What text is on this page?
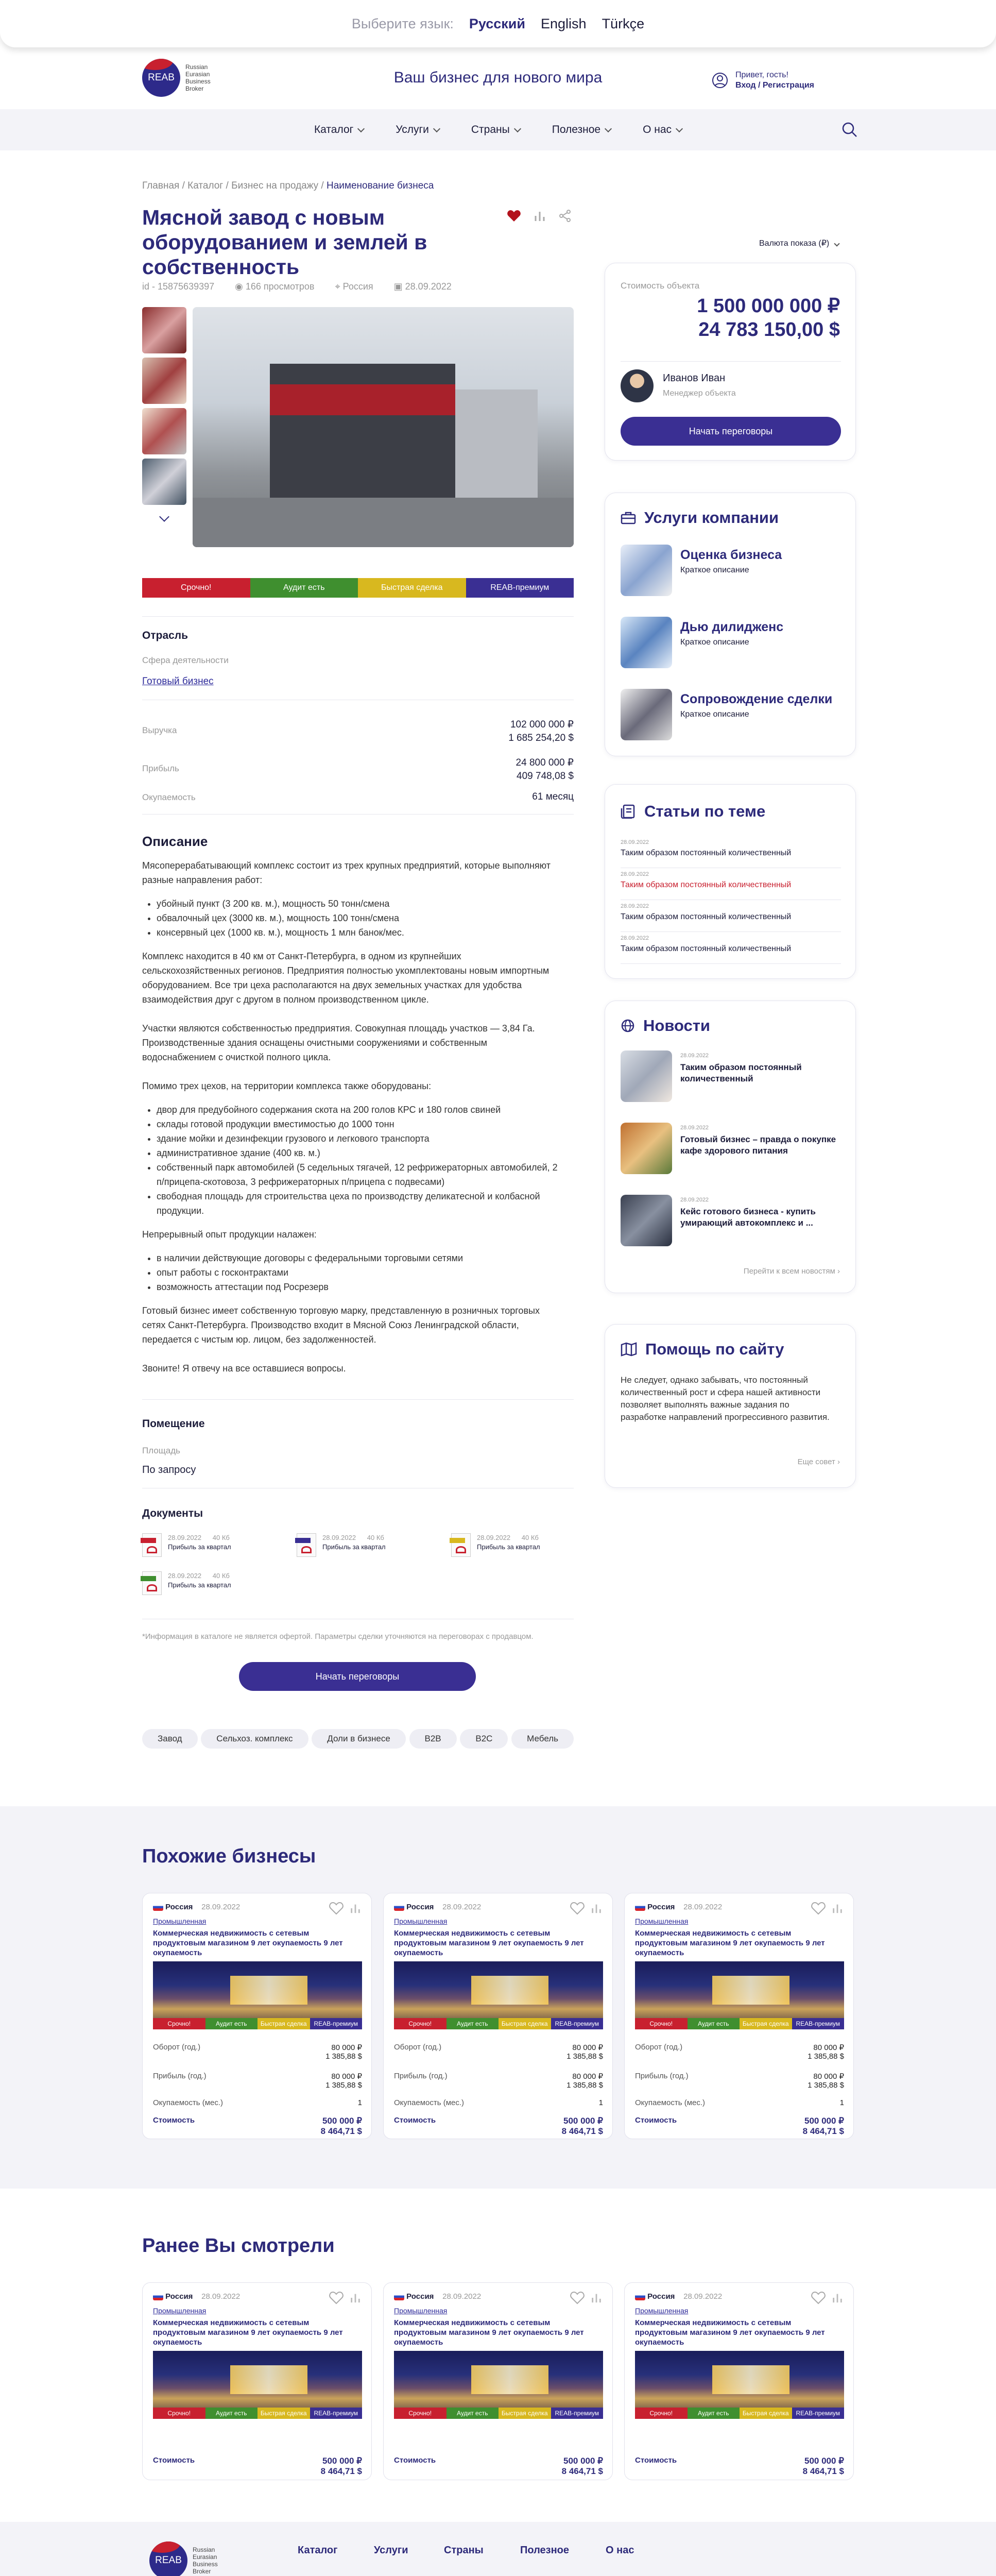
Выберите язык: Русский English Türkçe
REAB
Russian
Eurasian
Business
Broker
Ваш бизнес для нового мира	Привет, гость!
Вход / Регистрация
Каталог	Услуги	Страны	Полезное	О нас
Главная / Каталог / Бизнес на продажу / Наименование бизнеса
Мясной завод с новым оборудованием и землей в собственность
id - 15875639397 ◉ 166 просмотров ⌖ Россия ▣ 28.09.2022
Срочно!	Аудит есть	Быстрая сделка	REAB-премиум
Отрасль
Сфера деятельности
Готовый бизнес
Выручка
102 000 000 ₽
1 685 254,20 $
Прибыль
24 800 000 ₽
409 748,08 $
Окупаемость	61 месяц
Описание

Мясоперерабатывающий комплекс состоит из трех крупных предприятий, которые выполняют разные направления работ:

• убойный пункт (3 200 кв. м.), мощность 50 тонн/смена
• обвалочный цех (3000 кв. м.), мощность 100 тонн/смена
• консервный цех (1000 кв. м.), мощность 1 млн банок/мес.

Комплекс находится в 40 км от Санкт-Петербурга, в одном из крупнейших сельскохозяйственных регионов. Предприятия полностью укомплектованы новым импортным оборудованием. Все три цеха располагаются на двух земельных участках для удобства взаимодействия друг с другом в полном производственном цикле.

Участки являются собственностью предприятия. Совокупная площадь участков — 3,84 Га. Производственные здания оснащены очистными сооружениями и собственным водоснабжением с очисткой полного цикла.

Помимо трех цехов, на территории комплекса также оборудованы:

• двор для предубойного содержания скота на 200 голов КРС и 180 голов свиней
• склады готовой продукции вместимостью до 1000 тонн
• здание мойки и дезинфекции грузового и легкового транспорта
• административное здание (400 кв. м.)
• собственный парк автомобилей (5 седельных тягачей, 12 рефрижераторных автомобилей, 2 п/прицепа-скотовоза, 3 рефрижераторных п/прицепа с подвесами)
• свободная площадь для строительства цеха по производству деликатесной и колбасной продукции.

Непрерывный опыт продукции налажен:

• в наличии действующие договоры с федеральными торговыми сетями
• опыт работы с госконтрактами
• возможность аттестации под Росрезерв

Готовый бизнес имеет собственную торговую марку, представленную в розничных торговых сетях Санкт-Петербурга. Производство входит в Мясной Союз Ленинградской области, передается с чистым юр. лицом, без задолженностей.

Звоните! Я отвечу на все оставшиеся вопросы.

Помещение
Площадь
По запросу
Документы
28.09.2022 40 Кб
Прибыль за квартал
28.09.2022 40 Кб
Прибыль за квартал
28.09.2022 40 Кб
Прибыль за квартал
28.09.2022 40 Кб
Прибыль за квартал
*Информация в каталоге не является офертой. Параметры сделки уточняются на переговорах с продавцом.
Начать переговоры
Завод	Сельхоз. комплекс	Доли в бизнесе	B2B	B2C	Мебель
Валюта показа (₽)
Стоимость объекта
1 500 000 000 ₽
24 783 150,00 $
Иванов Иван
Менеджер объекта
Начать переговоры
Услуги компании
Оценка бизнеса
Краткое описание
Дью дилидженс
Краткое описание
Сопровождение сделки
Краткое описание
Статьи по теме
28.09.2022
Таким образом постоянный количественный
28.09.2022
Таким образом постоянный количественный
28.09.2022
Таким образом постоянный количественный
28.09.2022
Таким образом постоянный количественный
Новости
28.09.2022
Таким образом постоянный количественный
28.09.2022
Готовый бизнес – правда о покупке кафе здорового питания
28.09.2022
Кейс готового бизнеса - купить умирающий автокомплекс и ...
Перейти к всем новостям ›
Помощь по сайту
Не следует, однако забывать, что постоянный количественный рост и сфера нашей активности позволяет выполнять важные задания по разработке направлений прогрессивного развития.
Еще совет ›
Похожие бизнесы
Россия 28.09.2022
Промышленная
Коммерческая недвижимость с сетевым продуктовым магазином 9 лет окупаемость 9 лет окупаемость
Срочно!	Аудит есть	Быстрая сделка	REAB-премиум
Оборот (год.)	80 000 ₽
1 385,88 $
Прибыль (год.)	80 000 ₽
1 385,88 $
Окупаемость (мес.)	1
Стоимость	500 000 ₽
8 464,71 $
Россия 28.09.2022
Промышленная
Коммерческая недвижимость с сетевым продуктовым магазином 9 лет окупаемость 9 лет окупаемость
Срочно!	Аудит есть	Быстрая сделка	REAB-премиум
Оборот (год.)	80 000 ₽
1 385,88 $
Прибыль (год.)	80 000 ₽
1 385,88 $
Окупаемость (мес.)	1
Стоимость	500 000 ₽
8 464,71 $
Россия 28.09.2022
Промышленная
Коммерческая недвижимость с сетевым продуктовым магазином 9 лет окупаемость 9 лет окупаемость
Срочно!	Аудит есть	Быстрая сделка	REAB-премиум
Оборот (год.)	80 000 ₽
1 385,88 $
Прибыль (год.)	80 000 ₽
1 385,88 $
Окупаемость (мес.)	1
Стоимость	500 000 ₽
8 464,71 $
Ранее Вы смотрели
Россия 28.09.2022
Промышленная
Коммерческая недвижимость с сетевым продуктовым магазином 9 лет окупаемость 9 лет окупаемость
Срочно!	Аудит есть	Быстрая сделка	REAB-премиум
Стоимость	500 000 ₽
8 464,71 $
Россия 28.09.2022
Промышленная
Коммерческая недвижимость с сетевым продуктовым магазином 9 лет окупаемость 9 лет окупаемость
Срочно!	Аудит есть	Быстрая сделка	REAB-премиум
Стоимость	500 000 ₽
8 464,71 $
Россия 28.09.2022
Промышленная
Коммерческая недвижимость с сетевым продуктовым магазином 9 лет окупаемость 9 лет окупаемость
Срочно!	Аудит есть	Быстрая сделка	REAB-премиум
Стоимость	500 000 ₽
8 464,71 $
REAB
Russian
Eurasian
Business
Broker
Каталог	Услуги	Страны	Полезное	О нас
